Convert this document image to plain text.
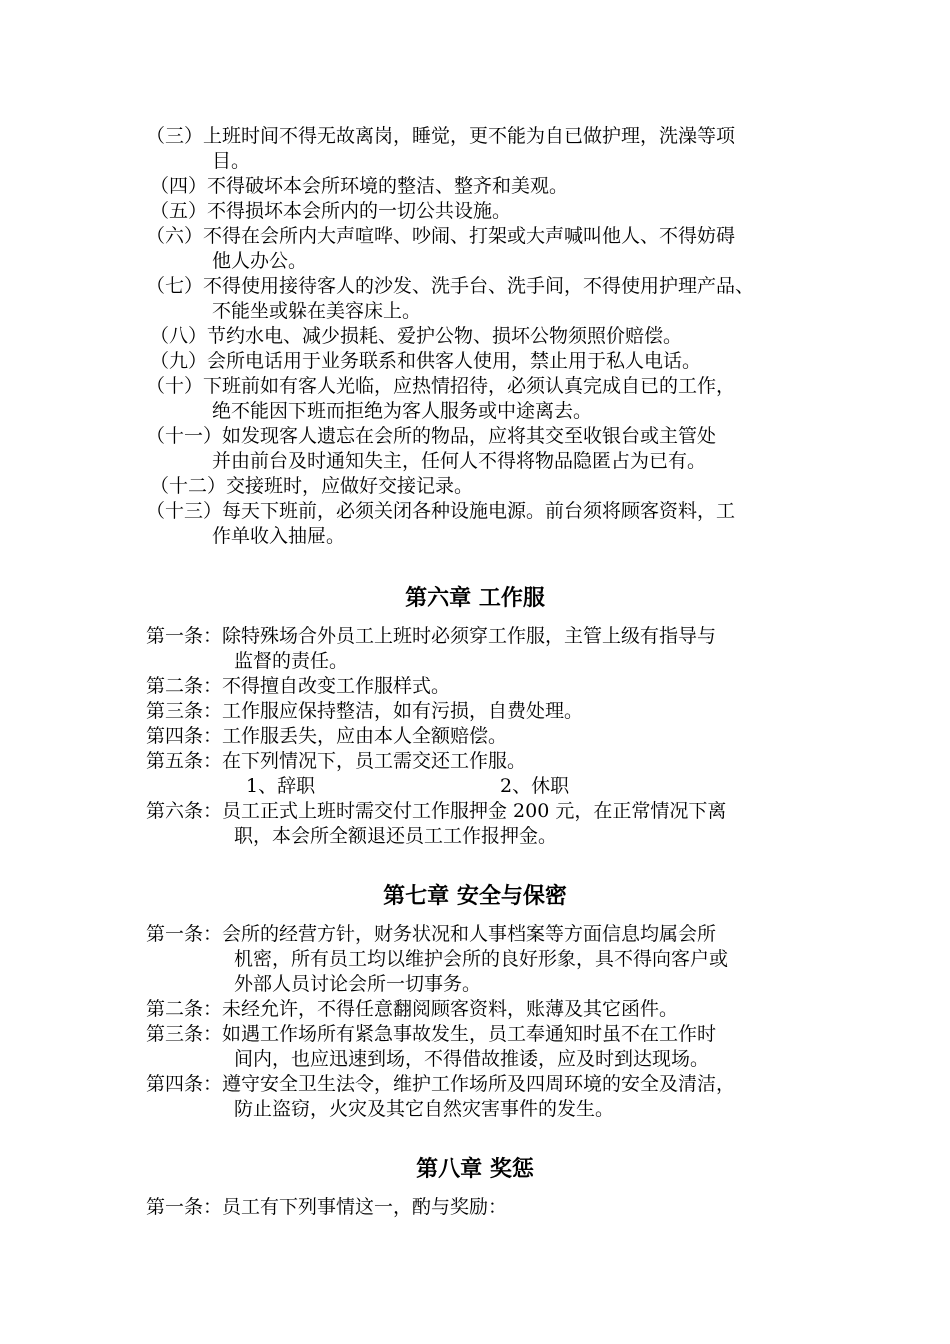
（三）上班时间不得无故离岗，睡觉，更不能为自已做护理，洗澡等项
目。
（四）不得破坏本会所环境的整洁、整齐和美观。
（五）不得损坏本会所内的一切公共设施。
（六）不得在会所内大声喧哗、吵闹、打架或大声喊叫他人、不得妨碍
他人办公。
（七）不得使用接待客人的沙发、洗手台、洗手间，不得使用护理产品、
不能坐或躲在美容床上。
（八）节约水电、减少损耗、爱护公物、损坏公物须照价赔偿。
（九）会所电话用于业务联系和供客人使用，禁止用于私人电话。
（十）下班前如有客人光临，应热情招待，必须认真完成自已的工作，
绝不能因下班而拒绝为客人服务或中途离去。
（十一）如发现客人遗忘在会所的物品，应将其交至收银台或主管处
并由前台及时通知失主，任何人不得将物品隐匿占为已有。
（十二）交接班时，应做好交接记录。
（十三）每天下班前，必须关闭各种设施电源。前台须将顾客资料，工
作单收入抽屉。
第六章 工作服
第一条：除特殊场合外员工上班时必须穿工作服，主管上级有指导与
监督的责任。
第二条：不得擅自改变工作服样式。
第三条：工作服应保持整洁，如有污损，自费处理。
第四条：工作服丢失，应由本人全额赔偿。
第五条：在下列情况下，员工需交还工作服。
1、辞职	2、休职
第六条：员工正式上班时需交付工作服押金 200 元，在正常情况下离
职，本会所全额退还员工工作报押金。
第七章 安全与保密
第一条：会所的经营方针，财务状况和人事档案等方面信息均属会所
机密，所有员工均以维护会所的良好形象，具不得向客户或
外部人员讨论会所一切事务。
第二条：未经允许，不得任意翻阅顾客资料，账薄及其它函件。
第三条：如遇工作场所有紧急事故发生，员工奉通知时虽不在工作时
间内，也应迅速到场，不得借故推诿，应及时到达现场。
第四条：遵守安全卫生法令，维护工作场所及四周环境的安全及清洁，
防止盗窃，火灾及其它自然灾害事件的发生。
第八章 奖惩
第一条：员工有下列事情这一，酌与奖励：
